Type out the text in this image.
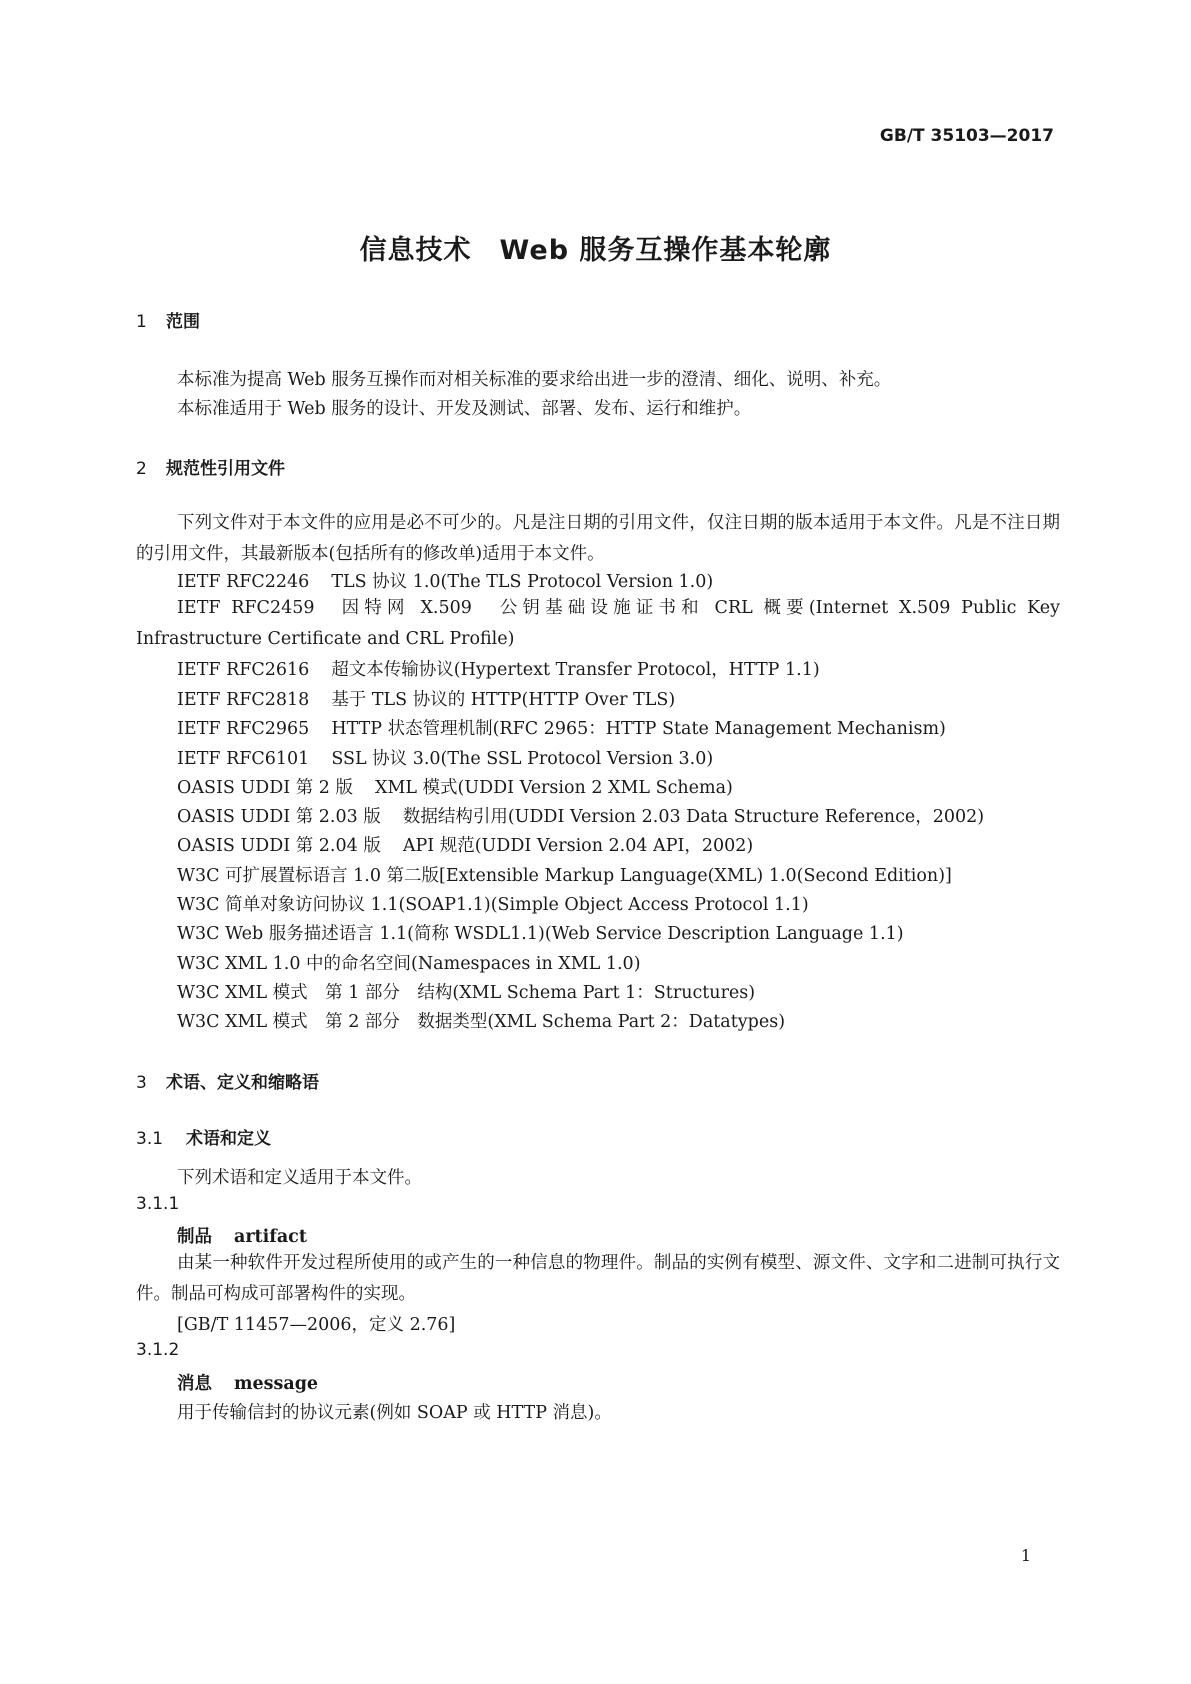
GB/T 35103—2017
信息技术　Web 服务互操作基本轮廓
1 范围
本标准为提高 Web 服务互操作而对相关标准的要求给出进一步的澄清、细化、说明、补充。
本标准适用于 Web 服务的设计、开发及测试、部署、发布、运行和维护。
2 规范性引用文件
下列文件对于本文件的应用是必不可少的。凡是注日期的引用文件，仅注日期的版本适用于本文件。凡是不注日期的引用文件，其最新版本(包括所有的修改单)适用于本文件。
IETF RFC2246 TLS 协议 1.0(The TLS Protocol Version 1.0)
IETF RFC2459 因特网 X.509　公钥基础设施证书和 CRL 概要(Internet X.509 Public Key Infrastructure Certificate and CRL Profile)
IETF RFC2616 超文本传输协议(Hypertext Transfer Protocol，HTTP 1.1)
IETF RFC2818 基于 TLS 协议的 HTTP(HTTP Over TLS)
IETF RFC2965 HTTP 状态管理机制(RFC 2965：HTTP State Management Mechanism)
IETF RFC6101 SSL 协议 3.0(The SSL Protocol Version 3.0)
OASIS UDDI 第 2 版 XML 模式(UDDI Version 2 XML Schema)
OASIS UDDI 第 2.03 版 数据结构引用(UDDI Version 2.03 Data Structure Reference，2002)
OASIS UDDI 第 2.04 版 API 规范(UDDI Version 2.04 API，2002)
W3C 可扩展置标语言 1.0 第二版[Extensible Markup Language(XML) 1.0(Second Edition)]
W3C 简单对象访问协议 1.1(SOAP1.1)(Simple Object Access Protocol 1.1)
W3C Web 服务描述语言 1.1(简称 WSDL1.1)(Web Service Description Language 1.1)
W3C XML 1.0 中的命名空间(Namespaces in XML 1.0)
W3C XML 模式　第 1 部分　结构(XML Schema Part 1：Structures)
W3C XML 模式　第 2 部分　数据类型(XML Schema Part 2：Datatypes)
3 术语、定义和缩略语
3.1 术语和定义
下列术语和定义适用于本文件。
3.1.1
制品 artifact
由某一种软件开发过程所使用的或产生的一种信息的物理件。制品的实例有模型、源文件、文字和二进制可执行文件。制品可构成可部署构件的实现。
[GB/T 11457—2006，定义 2.76]
3.1.2
消息 message
用于传输信封的协议元素(例如 SOAP 或 HTTP 消息)。
1
